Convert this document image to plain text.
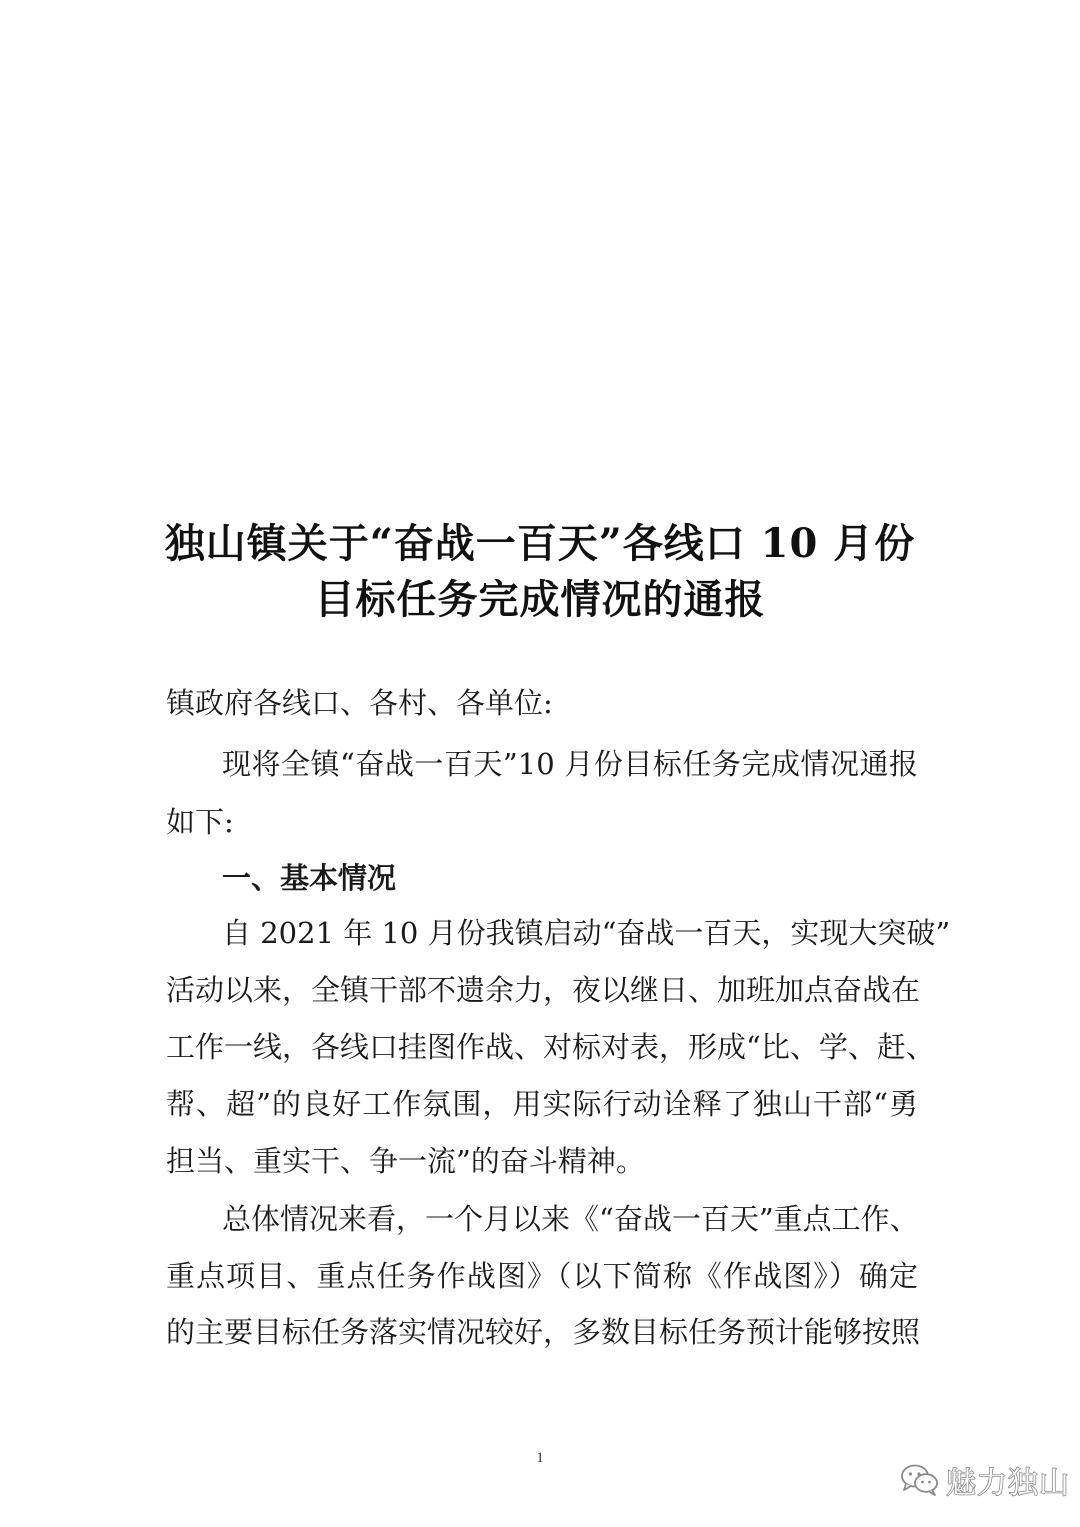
独山镇关于“奋战一百天”各线口 10 月份
目标任务完成情况的通报
镇政府各线口、各村、各单位:
现将全镇“奋战一百天”10 月份目标任务完成情况通报
如下:
一、基本情况
自 2021 年 10 月份我镇启动“奋战一百天，实现大突破”
活动以来，全镇干部不遗余力，夜以继日、加班加点奋战在
工作一线，各线口挂图作战、对标对表，形成“比、学、赶、
帮、超”的良好工作氛围，用实际行动诠释了独山干部“勇
担当、重实干、争一流”的奋斗精神。
总体情况来看，一个月以来《“奋战一百天”重点工作、
重点项目、重点任务作战图》（以下简称《作战图》）确定
的主要目标任务落实情况较好，多数目标任务预计能够按照
1
魅力独山
